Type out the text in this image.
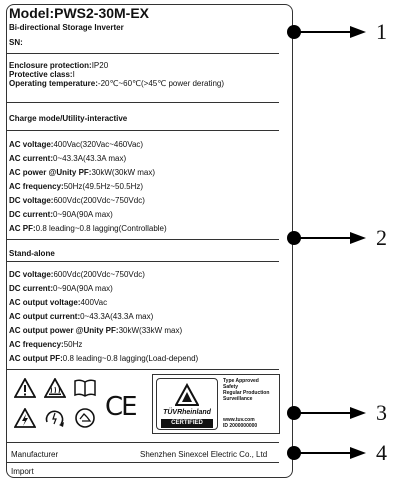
Model:PWS2-30M-EX
Bi-directional Storage Inverter
SN:
Enclosure protection:IP20
Protective class:I
Operating temperature:-20℃~60℃(>45℃ power derating)
Charge mode/Utility-interactive
AC voltage:400Vac(320Vac~460Vac)
AC current:0~43.3A(43.3A max)
AC power @Unity PF:30kW(30kW max)
AC frequency:50Hz(49.5Hz~50.5Hz)
DC voltage:600Vdc(200Vdc~750Vdc)
DC current:0~90A(90A max)
AC PF:0.8 leading~0.8 lagging(Controllable)
Stand-alone
DC voltage:600Vdc(200Vdc~750Vdc)
DC current:0~90A(90A max)
AC output voltage:400Vac
AC output current:0~43.3A(43.3A max)
AC output power @Unity PF:30kW(33kW max)
AC frequency:50Hz
AC output PF:0.8 leading~0.8 lagging(Load-depend)
CE	TÜVRheinland
CERTIFIED
Type Approved
Safety
Regular Production
Surveillance
www.tuv.com
ID 2000000000
Manufacturer	Shenzhen Sinexcel Electric Co., Ltd
Import
1
2
3
4
